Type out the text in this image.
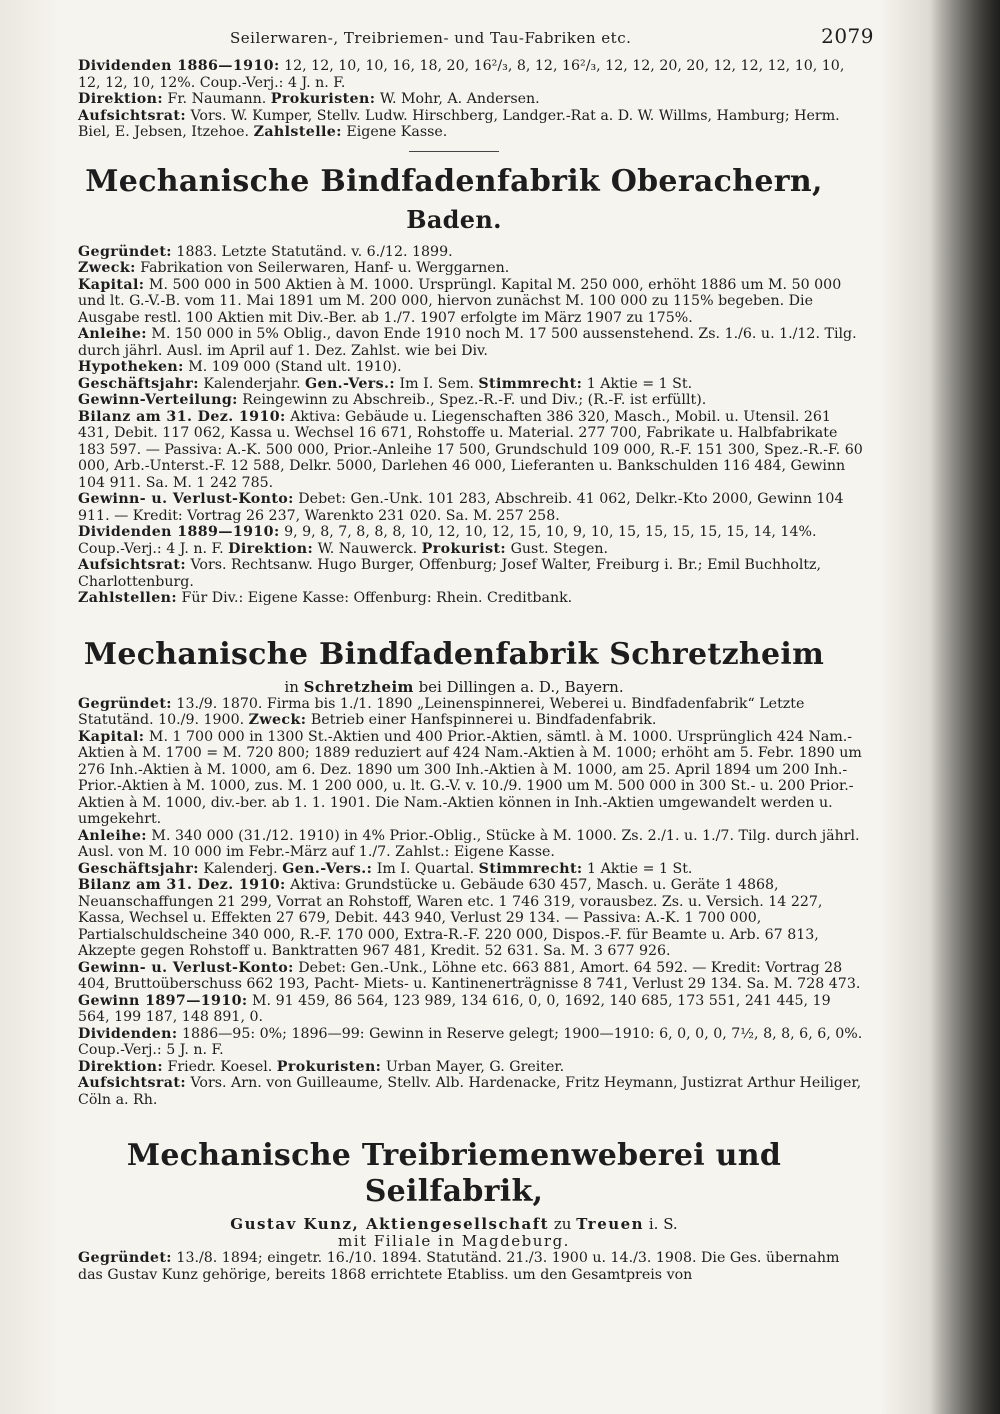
Seilerwaren-, Treibriemen- und Tau-Fabriken etc.	2079

Dividenden 1886—1910: 12, 12, 10, 10, 16, 18, 20, 16²/₃, 8, 12, 16²/₃, 12, 12, 20, 20, 12, 12, 12, 10, 10, 12, 12, 10, 12%. Coup.-Verj.: 4 J. n. F.

Direktion: Fr. Naumann. Prokuristen: W. Mohr, A. Andersen.

Aufsichtsrat: Vors. W. Kumper, Stellv. Ludw. Hirschberg, Landger.-Rat a. D. W. Willms, Hamburg; Herm. Biel, E. Jebsen, Itzehoe. Zahlstelle: Eigene Kasse.

Mechanische Bindfadenfabrik Oberachern, Baden.

Gegründet: 1883. Letzte Statutänd. v. 6./12. 1899.

Zweck: Fabrikation von Seilerwaren, Hanf- u. Werggarnen.

Kapital: M. 500 000 in 500 Aktien à M. 1000. Ursprüngl. Kapital M. 250 000, erhöht 1886 um M. 50 000 und lt. G.-V.-B. vom 11. Mai 1891 um M. 200 000, hiervon zunächst M. 100 000 zu 115% begeben. Die Ausgabe restl. 100 Aktien mit Div.-Ber. ab 1./7. 1907 erfolgte im März 1907 zu 175%.

Anleihe: M. 150 000 in 5% Oblig., davon Ende 1910 noch M. 17 500 aussenstehend. Zs. 1./6. u. 1./12. Tilg. durch jährl. Ausl. im April auf 1. Dez. Zahlst. wie bei Div.

Hypotheken: M. 109 000 (Stand ult. 1910).

Geschäftsjahr: Kalenderjahr. Gen.-Vers.: Im I. Sem. Stimmrecht: 1 Aktie = 1 St.

Gewinn-Verteilung: Reingewinn zu Abschreib., Spez.-R.-F. und Div.; (R.-F. ist erfüllt).

Bilanz am 31. Dez. 1910: Aktiva: Gebäude u. Liegenschaften 386 320, Masch., Mobil. u. Utensil. 261 431, Debit. 117 062, Kassa u. Wechsel 16 671, Rohstoffe u. Material. 277 700, Fabrikate u. Halbfabrikate 183 597. — Passiva: A.-K. 500 000, Prior.-Anleihe 17 500, Grundschuld 109 000, R.-F. 151 300, Spez.-R.-F. 60 000, Arb.-Unterst.-F. 12 588, Delkr. 5000, Darlehen 46 000, Lieferanten u. Bankschulden 116 484, Gewinn 104 911. Sa. M. 1 242 785.

Gewinn- u. Verlust-Konto: Debet: Gen.-Unk. 101 283, Abschreib. 41 062, Delkr.-Kto 2000, Gewinn 104 911. — Kredit: Vortrag 26 237, Warenkto 231 020. Sa. M. 257 258.

Dividenden 1889—1910: 9, 9, 8, 7, 8, 8, 8, 10, 12, 10, 12, 15, 10, 9, 10, 15, 15, 15, 15, 15, 14, 14%. Coup.-Verj.: 4 J. n. F. Direktion: W. Nauwerck. Prokurist: Gust. Stegen.

Aufsichtsrat: Vors. Rechtsanw. Hugo Burger, Offenburg; Josef Walter, Freiburg i. Br.; Emil Buchholtz, Charlottenburg.

Zahlstellen: Für Div.: Eigene Kasse: Offenburg: Rhein. Creditbank.

Mechanische Bindfadenfabrik Schretzheim
in Schretzheim bei Dillingen a. D., Bayern.

Gegründet: 13./9. 1870. Firma bis 1./1. 1890 „Leinenspinnerei, Weberei u. Bindfadenfabrik“ Letzte Statutänd. 10./9. 1900. Zweck: Betrieb einer Hanfspinnerei u. Bindfadenfabrik.

Kapital: M. 1 700 000 in 1300 St.-Aktien und 400 Prior.-Aktien, sämtl. à M. 1000. Ursprünglich 424 Nam.-Aktien à M. 1700 = M. 720 800; 1889 reduziert auf 424 Nam.-Aktien à M. 1000; erhöht am 5. Febr. 1890 um 276 Inh.-Aktien à M. 1000, am 6. Dez. 1890 um 300 Inh.-Aktien à M. 1000, am 25. April 1894 um 200 Inh.-Prior.-Aktien à M. 1000, zus. M. 1 200 000, u. lt. G.-V. v. 10./9. 1900 um M. 500 000 in 300 St.- u. 200 Prior.-Aktien à M. 1000, div.-ber. ab 1. 1. 1901. Die Nam.-Aktien können in Inh.-Aktien umgewandelt werden u. umgekehrt.

Anleihe: M. 340 000 (31./12. 1910) in 4% Prior.-Oblig., Stücke à M. 1000. Zs. 2./1. u. 1./7. Tilg. durch jährl. Ausl. von M. 10 000 im Febr.-März auf 1./7. Zahlst.: Eigene Kasse.

Geschäftsjahr: Kalenderj. Gen.-Vers.: Im I. Quartal. Stimmrecht: 1 Aktie = 1 St.

Bilanz am 31. Dez. 1910: Aktiva: Grundstücke u. Gebäude 630 457, Masch. u. Geräte 1 4868, Neuanschaffungen 21 299, Vorrat an Rohstoff, Waren etc. 1 746 319, vorausbez. Zs. u. Versich. 14 227, Kassa, Wechsel u. Effekten 27 679, Debit. 443 940, Verlust 29 134. — Passiva: A.-K. 1 700 000, Partialschuldscheine 340 000, R.-F. 170 000, Extra-R.-F. 220 000, Dispos.-F. für Beamte u. Arb. 67 813, Akzepte gegen Rohstoff u. Banktratten 967 481, Kredit. 52 631. Sa. M. 3 677 926.

Gewinn- u. Verlust-Konto: Debet: Gen.-Unk., Löhne etc. 663 881, Amort. 64 592. — Kredit: Vortrag 28 404, Bruttoüberschuss 662 193, Pacht- Miets- u. Kantinenerträgnisse 8 741, Verlust 29 134. Sa. M. 728 473.

Gewinn 1897—1910: M. 91 459, 86 564, 123 989, 134 616, 0, 0, 1692, 140 685, 173 551, 241 445, 19 564, 199 187, 148 891, 0.

Dividenden: 1886—95: 0%; 1896—99: Gewinn in Reserve gelegt; 1900—1910: 6, 0, 0, 0, 7½, 8, 8, 6, 6, 0%. Coup.-Verj.: 5 J. n. F.

Direktion: Friedr. Koesel. Prokuristen: Urban Mayer, G. Greiter.

Aufsichtsrat: Vors. Arn. von Guilleaume, Stellv. Alb. Hardenacke, Fritz Heymann, Justizrat Arthur Heiliger, Cöln a. Rh.

Mechanische Treibriemenweberei und Seilfabrik,
Gustav Kunz, Aktiengesellschaft zu Treuen i. S.
mit Filiale in Magdeburg.

Gegründet: 13./8. 1894; eingetr. 16./10. 1894. Statutänd. 21./3. 1900 u. 14./3. 1908. Die Ges. übernahm das Gustav Kunz gehörige, bereits 1868 errichtete Etabliss. um den Gesamtpreis von
